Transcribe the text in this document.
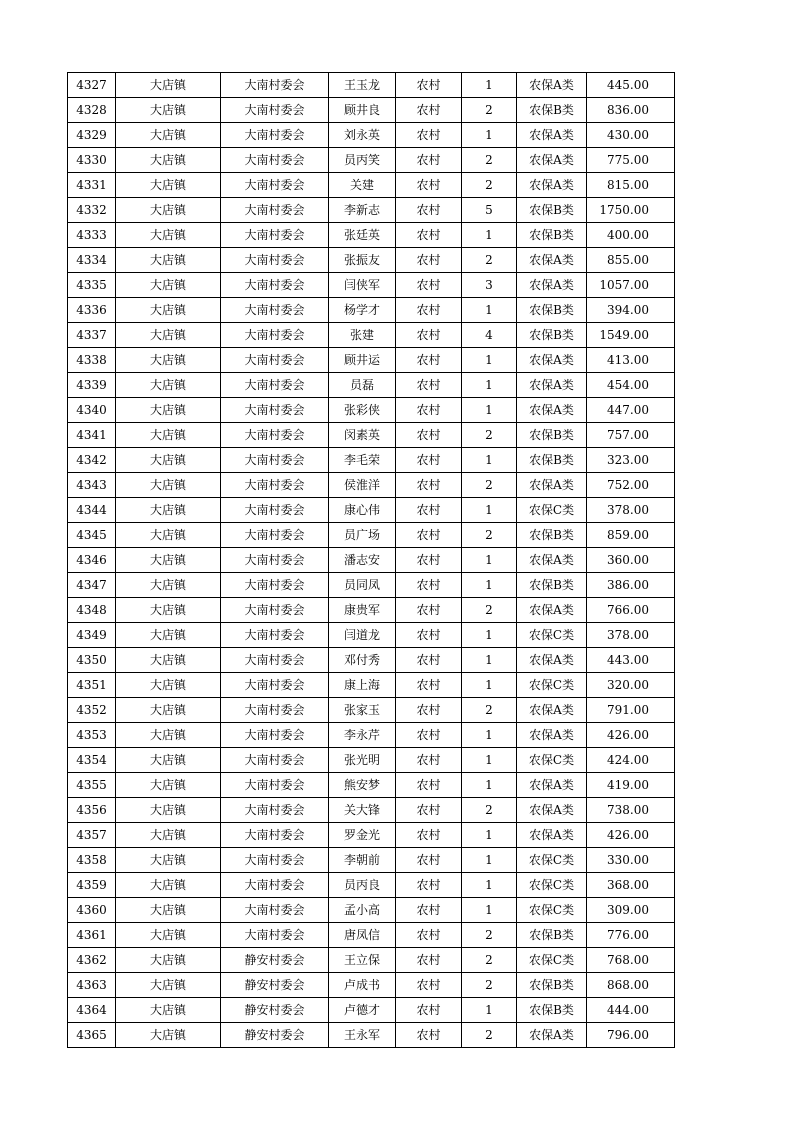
4327	大店镇	大南村委会	王玉龙	农村	1	农保A类	445.00
4328	大店镇	大南村委会	顾井良	农村	2	农保B类	836.00
4329	大店镇	大南村委会	刘永英	农村	1	农保A类	430.00
4330	大店镇	大南村委会	员丙笑	农村	2	农保A类	775.00
4331	大店镇	大南村委会	关建	农村	2	农保A类	815.00
4332	大店镇	大南村委会	李新志	农村	5	农保B类	1750.00
4333	大店镇	大南村委会	张廷英	农村	1	农保B类	400.00
4334	大店镇	大南村委会	张振友	农村	2	农保A类	855.00
4335	大店镇	大南村委会	闫侠军	农村	3	农保A类	1057.00
4336	大店镇	大南村委会	杨学才	农村	1	农保B类	394.00
4337	大店镇	大南村委会	张建	农村	4	农保B类	1549.00
4338	大店镇	大南村委会	顾井运	农村	1	农保A类	413.00
4339	大店镇	大南村委会	员磊	农村	1	农保A类	454.00
4340	大店镇	大南村委会	张彩侠	农村	1	农保A类	447.00
4341	大店镇	大南村委会	闵素英	农村	2	农保B类	757.00
4342	大店镇	大南村委会	李毛荣	农村	1	农保B类	323.00
4343	大店镇	大南村委会	侯淮洋	农村	2	农保A类	752.00
4344	大店镇	大南村委会	康心伟	农村	1	农保C类	378.00
4345	大店镇	大南村委会	员广场	农村	2	农保B类	859.00
4346	大店镇	大南村委会	潘志安	农村	1	农保A类	360.00
4347	大店镇	大南村委会	员同凤	农村	1	农保B类	386.00
4348	大店镇	大南村委会	康贵军	农村	2	农保A类	766.00
4349	大店镇	大南村委会	闫道龙	农村	1	农保C类	378.00
4350	大店镇	大南村委会	邓付秀	农村	1	农保A类	443.00
4351	大店镇	大南村委会	康上海	农村	1	农保C类	320.00
4352	大店镇	大南村委会	张家玉	农村	2	农保A类	791.00
4353	大店镇	大南村委会	李永芹	农村	1	农保A类	426.00
4354	大店镇	大南村委会	张光明	农村	1	农保C类	424.00
4355	大店镇	大南村委会	熊安梦	农村	1	农保A类	419.00
4356	大店镇	大南村委会	关大锋	农村	2	农保A类	738.00
4357	大店镇	大南村委会	罗金光	农村	1	农保A类	426.00
4358	大店镇	大南村委会	李朝前	农村	1	农保C类	330.00
4359	大店镇	大南村委会	员丙良	农村	1	农保C类	368.00
4360	大店镇	大南村委会	孟小高	农村	1	农保C类	309.00
4361	大店镇	大南村委会	唐凤信	农村	2	农保B类	776.00
4362	大店镇	静安村委会	王立保	农村	2	农保C类	768.00
4363	大店镇	静安村委会	卢成书	农村	2	农保B类	868.00
4364	大店镇	静安村委会	卢德才	农村	1	农保B类	444.00
4365	大店镇	静安村委会	王永军	农村	2	农保A类	796.00
